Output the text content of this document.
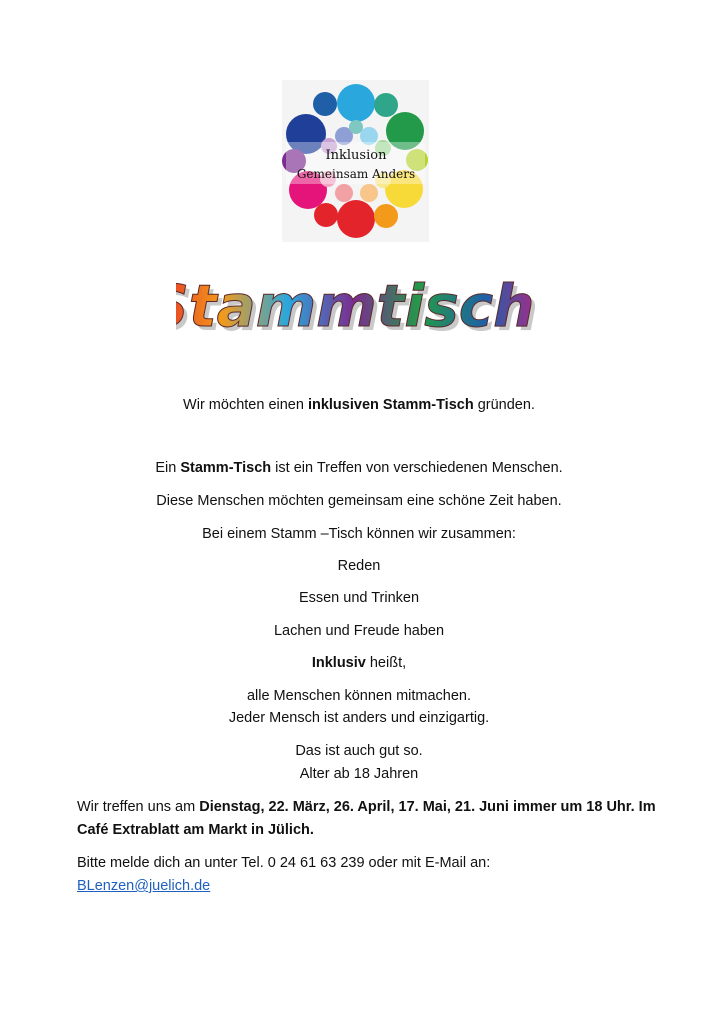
Inklusion
Gemeinsam Anders
tammtisch
tammtisch
Wir möchten einen inklusiven Stamm-Tisch gründen.
Ein Stamm-Tisch ist ein Treffen von verschiedenen Menschen.
Diese Menschen möchten gemeinsam eine schöne Zeit haben.
Bei einem Stamm –Tisch können wir zusammen:
Reden
Essen und Trinken
Lachen und Freude haben
Inklusiv heißt,
alle Menschen können mitmachen.
Jeder Mensch ist anders und einzigartig.
Das ist auch gut so.
Alter ab 18 Jahren
Wir treffen uns am Dienstag, 22. März, 26. April, 17. Mai, 21. Juni immer um 18 Uhr. Im Café Extrablatt am Markt in Jülich.
Bitte melde dich an unter Tel. 0 24 61 63 239 oder mit E-Mail an:
BLenzen@juelich.de
